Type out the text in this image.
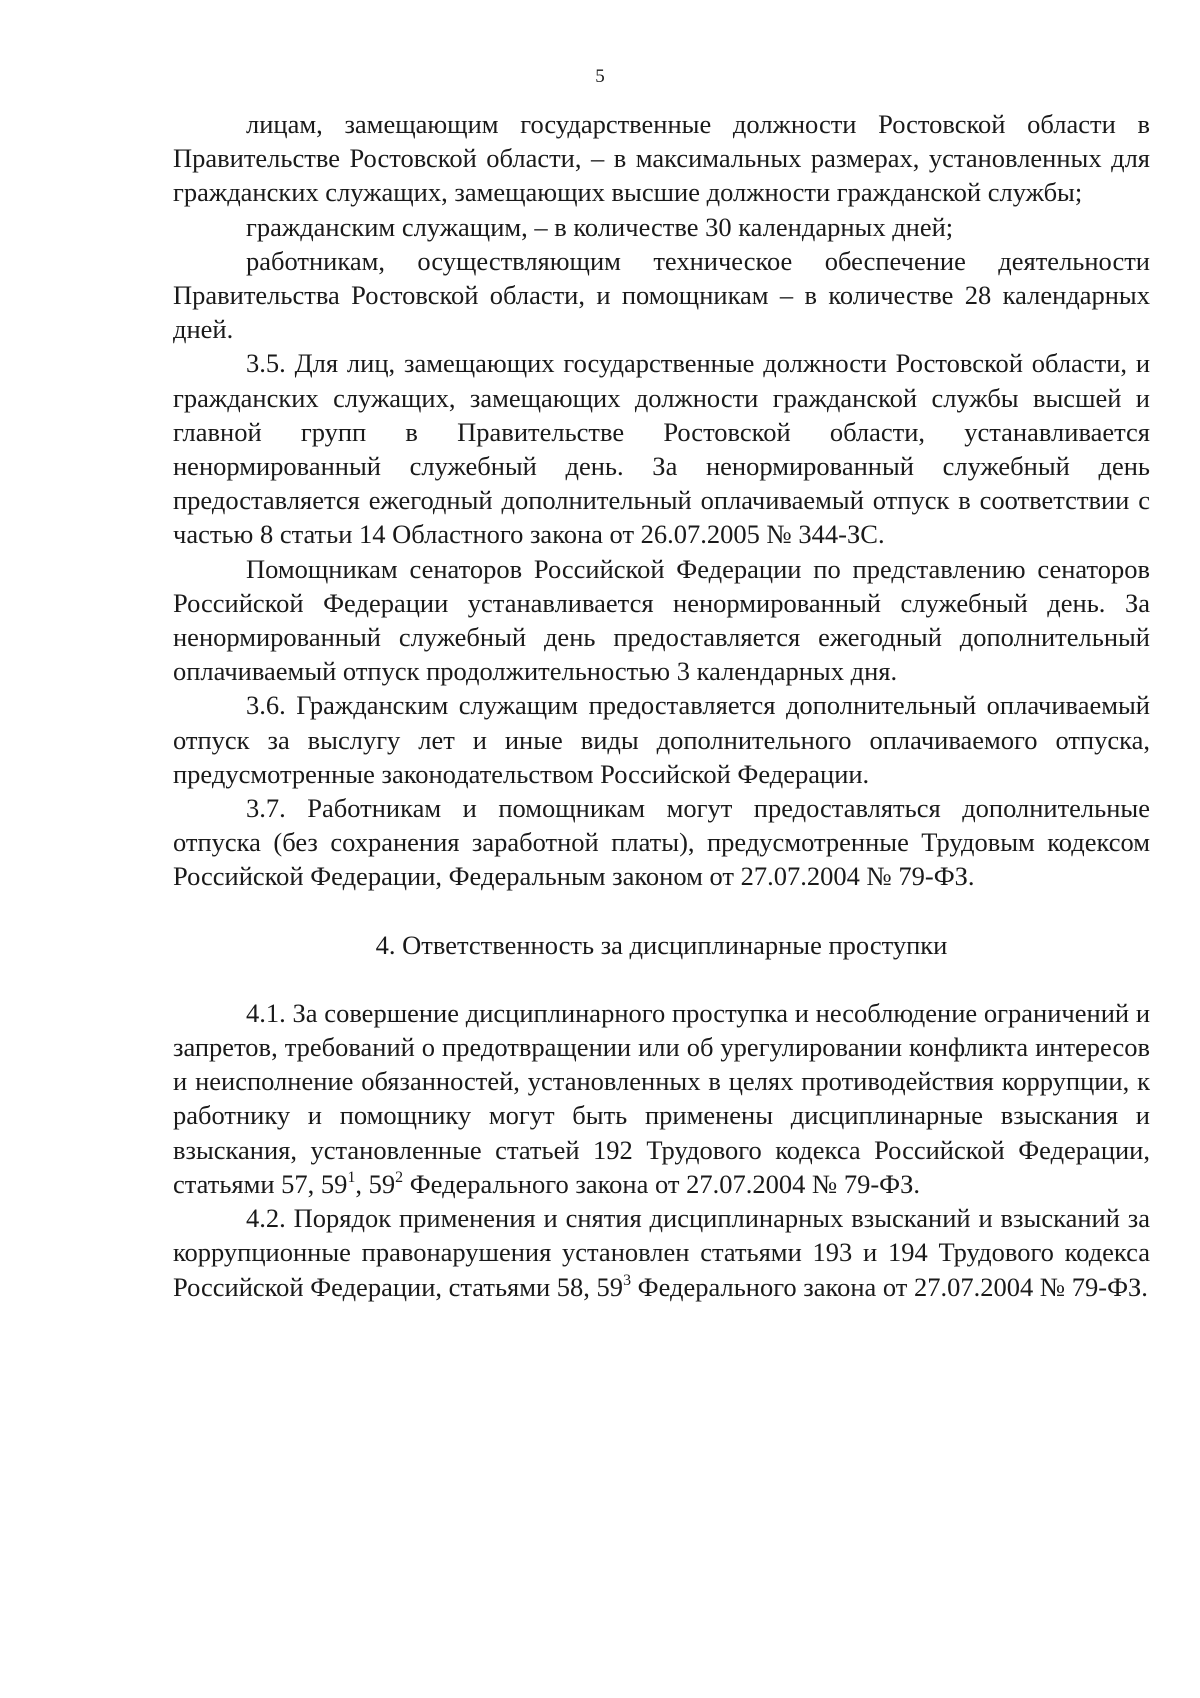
5

лицам, замещающим государственные должности Ростовской области в Правительстве Ростовской области, – в максимальных размерах, установленных для гражданских служащих, замещающих высшие должности гражданской службы;

гражданским служащим, – в количестве 30 календарных дней;

работникам, осуществляющим техническое обеспечение деятельности Правительства Ростовской области, и помощникам – в количестве 28 календарных дней.

3.5. Для лиц, замещающих государственные должности Ростовской области, и гражданских служащих, замещающих должности гражданской службы высшей и главной групп в Правительстве Ростовской области, устанавливается ненормированный служебный день. За ненормированный служебный день предоставляется ежегодный дополнительный оплачиваемый отпуск в соответствии с частью 8 статьи 14 Областного закона от 26.07.2005 № 344-ЗС.

Помощникам сенаторов Российской Федерации по представлению сенаторов Российской Федерации устанавливается ненормированный служебный день. За ненормированный служебный день предоставляется ежегодный дополнительный оплачиваемый отпуск продолжительностью 3 календарных дня.

3.6. Гражданским служащим предоставляется дополнительный оплачиваемый отпуск за выслугу лет и иные виды дополнительного оплачиваемого отпуска, предусмотренные законодательством Российской Федерации.

3.7. Работникам и помощникам могут предоставляться дополнительные отпуска (без сохранения заработной платы), предусмотренные Трудовым кодексом Российской Федерации, Федеральным законом от 27.07.2004 № 79-ФЗ.

4. Ответственность за дисциплинарные проступки

4.1. За совершение дисциплинарного проступка и несоблюдение ограничений и запретов, требований о предотвращении или об урегулировании конфликта интересов и неисполнение обязанностей, установленных в целях противодействия коррупции, к работнику и помощнику могут быть применены дисциплинарные взыскания и взыскания, установленные статьей 192 Трудового кодекса Российской Федерации, статьями 57, $59^1$, $59^2$ Федерального закона от 27.07.2004 № 79-ФЗ.

4.2. Порядок применения и снятия дисциплинарных взысканий и взысканий за коррупционные правонарушения установлен статьями 193 и 194 Трудового кодекса Российской Федерации, статьями 58, $59^3$ Федерального закона от 27.07.2004 № 79-ФЗ.
